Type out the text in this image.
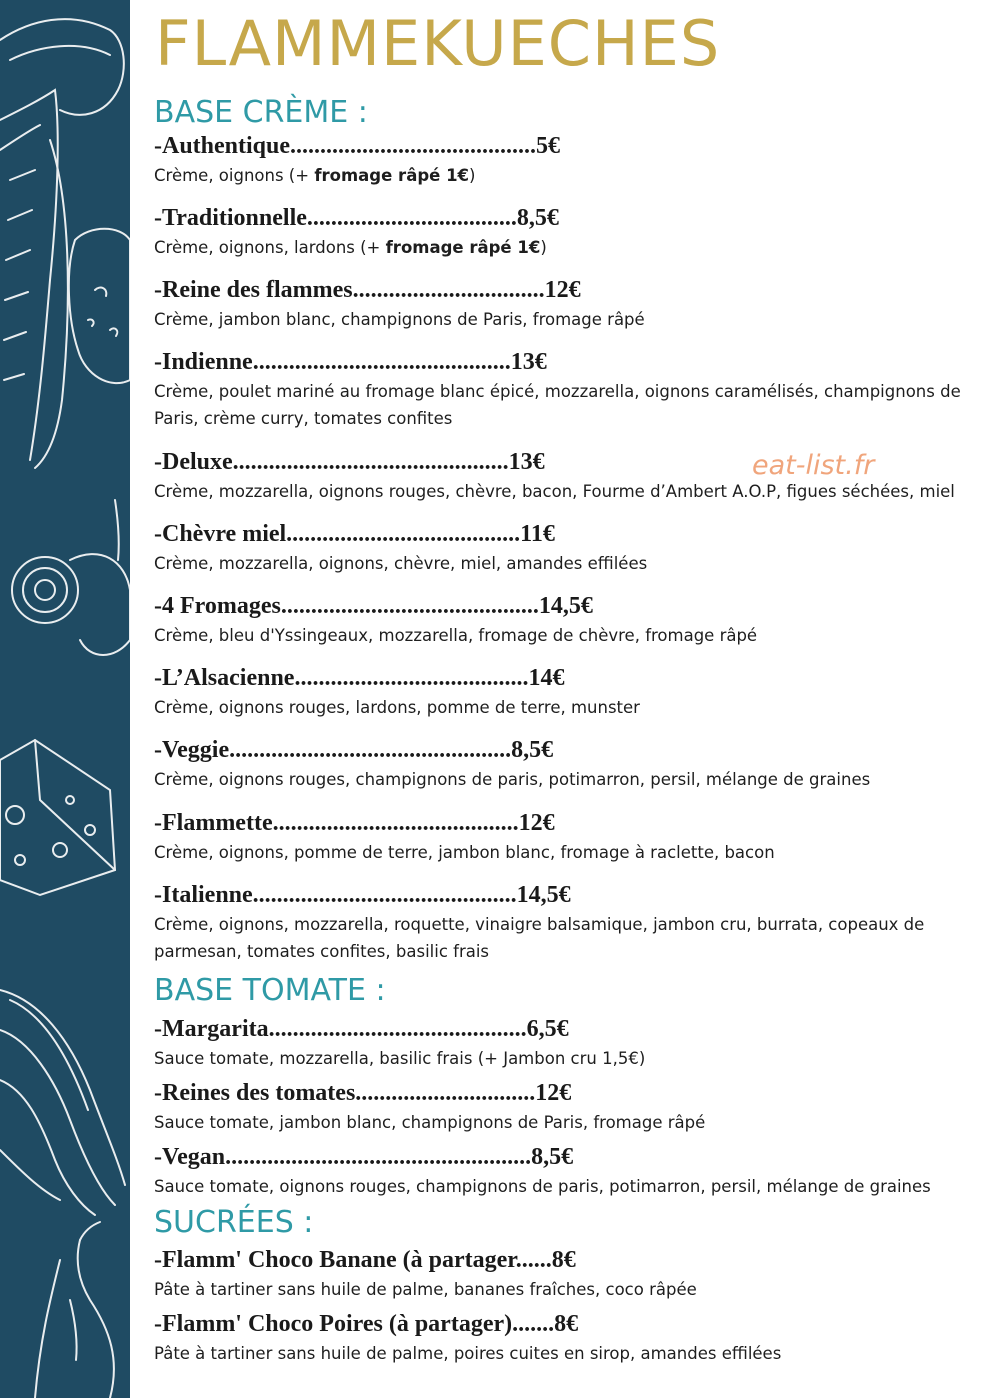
FLAMMEKUECHES
BASE CRÈME :
-Authentique.........................................5€
Crème, oignons (+ fromage râpé 1€)
-Traditionnelle...................................8,5€
Crème, oignons, lardons (+ fromage râpé 1€)
-Reine des flammes................................12€
Crème, jambon blanc, champignons de Paris, fromage râpé
-Indienne...........................................13€
Crème, poulet mariné au fromage blanc épicé, mozzarella, oignons caramélisés, champignons de Paris, crème curry, tomates confites
-Deluxe..............................................13€
Crème, mozzarella, oignons rouges, chèvre, bacon, Fourme d’Ambert A.O.P, figues séchées, miel
-Chèvre miel.......................................11€
Crème, mozzarella, oignons, chèvre, miel, amandes effilées
-4 Fromages...........................................14,5€
Crème, bleu d'Yssingeaux, mozzarella, fromage de chèvre, fromage râpé
-L’Alsacienne.......................................14€
Crème, oignons rouges, lardons, pomme de terre, munster
-Veggie...............................................8,5€
Crème, oignons rouges, champignons de paris, potimarron, persil, mélange de graines
-Flammette.........................................12€
Crème, oignons, pomme de terre, jambon blanc, fromage à raclette, bacon
-Italienne............................................14,5€
Crème, oignons, mozzarella, roquette, vinaigre balsamique, jambon cru, burrata, copeaux de parmesan, tomates confites, basilic frais
BASE TOMATE :
-Margarita...........................................6,5€
Sauce tomate, mozzarella, basilic frais (+ Jambon cru 1,5€)
-Reines des tomates..............................12€
Sauce tomate, jambon blanc, champignons de Paris, fromage râpé
-Vegan...................................................8,5€
Sauce tomate, oignons rouges, champignons de paris, potimarron, persil, mélange de graines
SUCRÉES :
-Flamm' Choco Banane (à partager......8€
Pâte à tartiner sans huile de palme, bananes fraîches, coco râpée
-Flamm' Choco Poires (à partager).......8€
Pâte à tartiner sans huile de palme, poires cuites en sirop, amandes effilées
eat-list.fr
